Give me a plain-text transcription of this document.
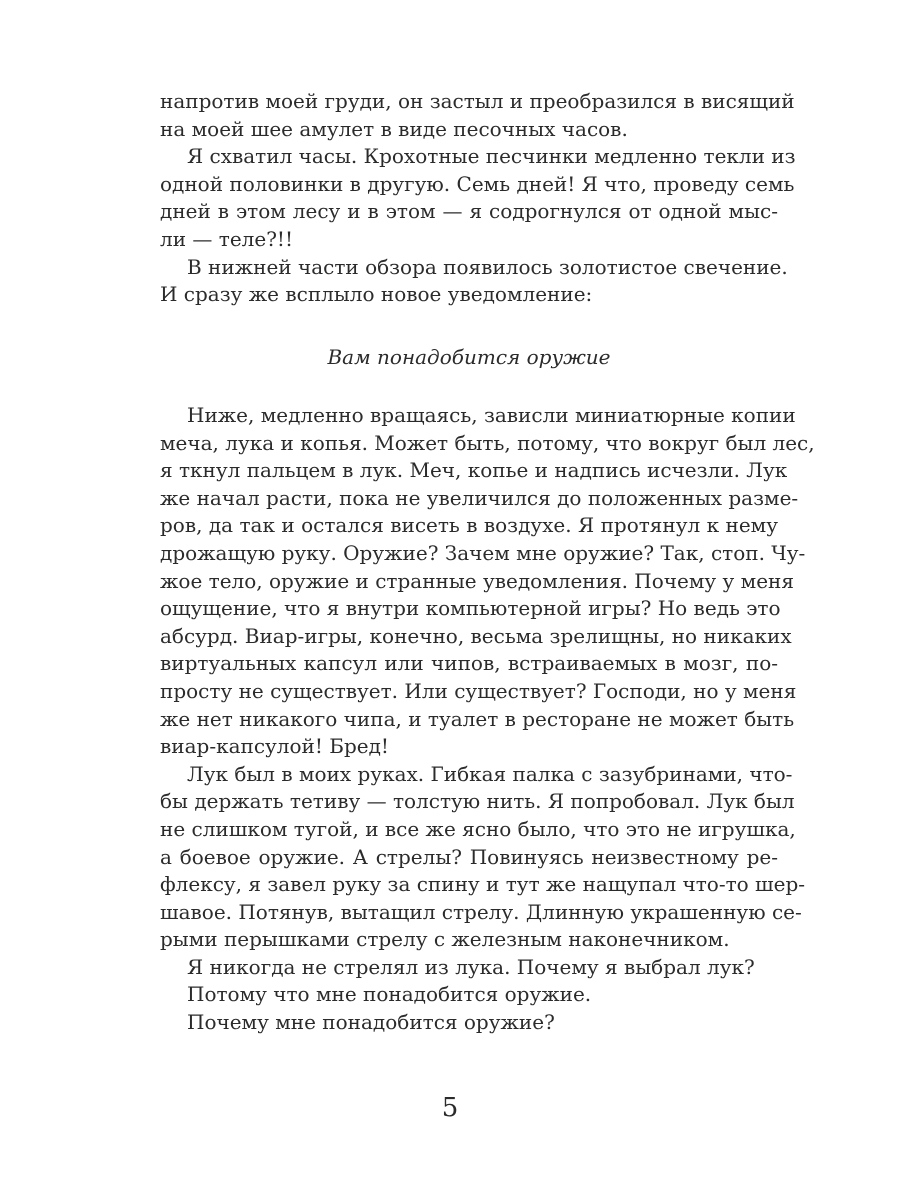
напротив моей груди, он застыл и преобразился в висящий
на моей шее амулет в виде песочных часов.
Я схватил часы. Крохотные песчинки медленно текли из
одной половинки в другую. Семь дней! Я что, проведу семь
дней в этом лесу и в этом — я содрогнулся от одной мыс-
ли — теле?!!
В нижней части обзора появилось золотистое свечение.
И сразу же всплыло новое уведомление:
Вам понадобится оружие
Ниже, медленно вращаясь, зависли миниатюрные копии
меча, лука и копья. Может быть, потому, что вокруг был лес,
я ткнул пальцем в лук. Меч, копье и надпись исчезли. Лук
же начал расти, пока не увеличился до положенных разме-
ров, да так и остался висеть в воздухе. Я протянул к нему
дрожащую руку. Оружие? Зачем мне оружие? Так, стоп. Чу-
жое тело, оружие и странные уведомления. Почему у меня
ощущение, что я внутри компьютерной игры? Но ведь это
абсурд. Виар-игры, конечно, весьма зрелищны, но никаких
виртуальных капсул или чипов, встраиваемых в мозг, по-
просту не существует. Или существует? Господи, но у меня
же нет никакого чипа, и туалет в ресторане не может быть
виар-капсулой! Бред!
Лук был в моих руках. Гибкая палка с зазубринами, что-
бы держать тетиву — толстую нить. Я попробовал. Лук был
не слишком тугой, и все же ясно было, что это не игрушка,
а боевое оружие. А стрелы? Повинуясь неизвестному ре-
флексу, я завел руку за спину и тут же нащупал что-то шер-
шавое. Потянув, вытащил стрелу. Длинную украшенную се-
рыми перышками стрелу с железным наконечником.
Я никогда не стрелял из лука. Почему я выбрал лук?
Потому что мне понадобится оружие.
Почему мне понадобится оружие?
5
